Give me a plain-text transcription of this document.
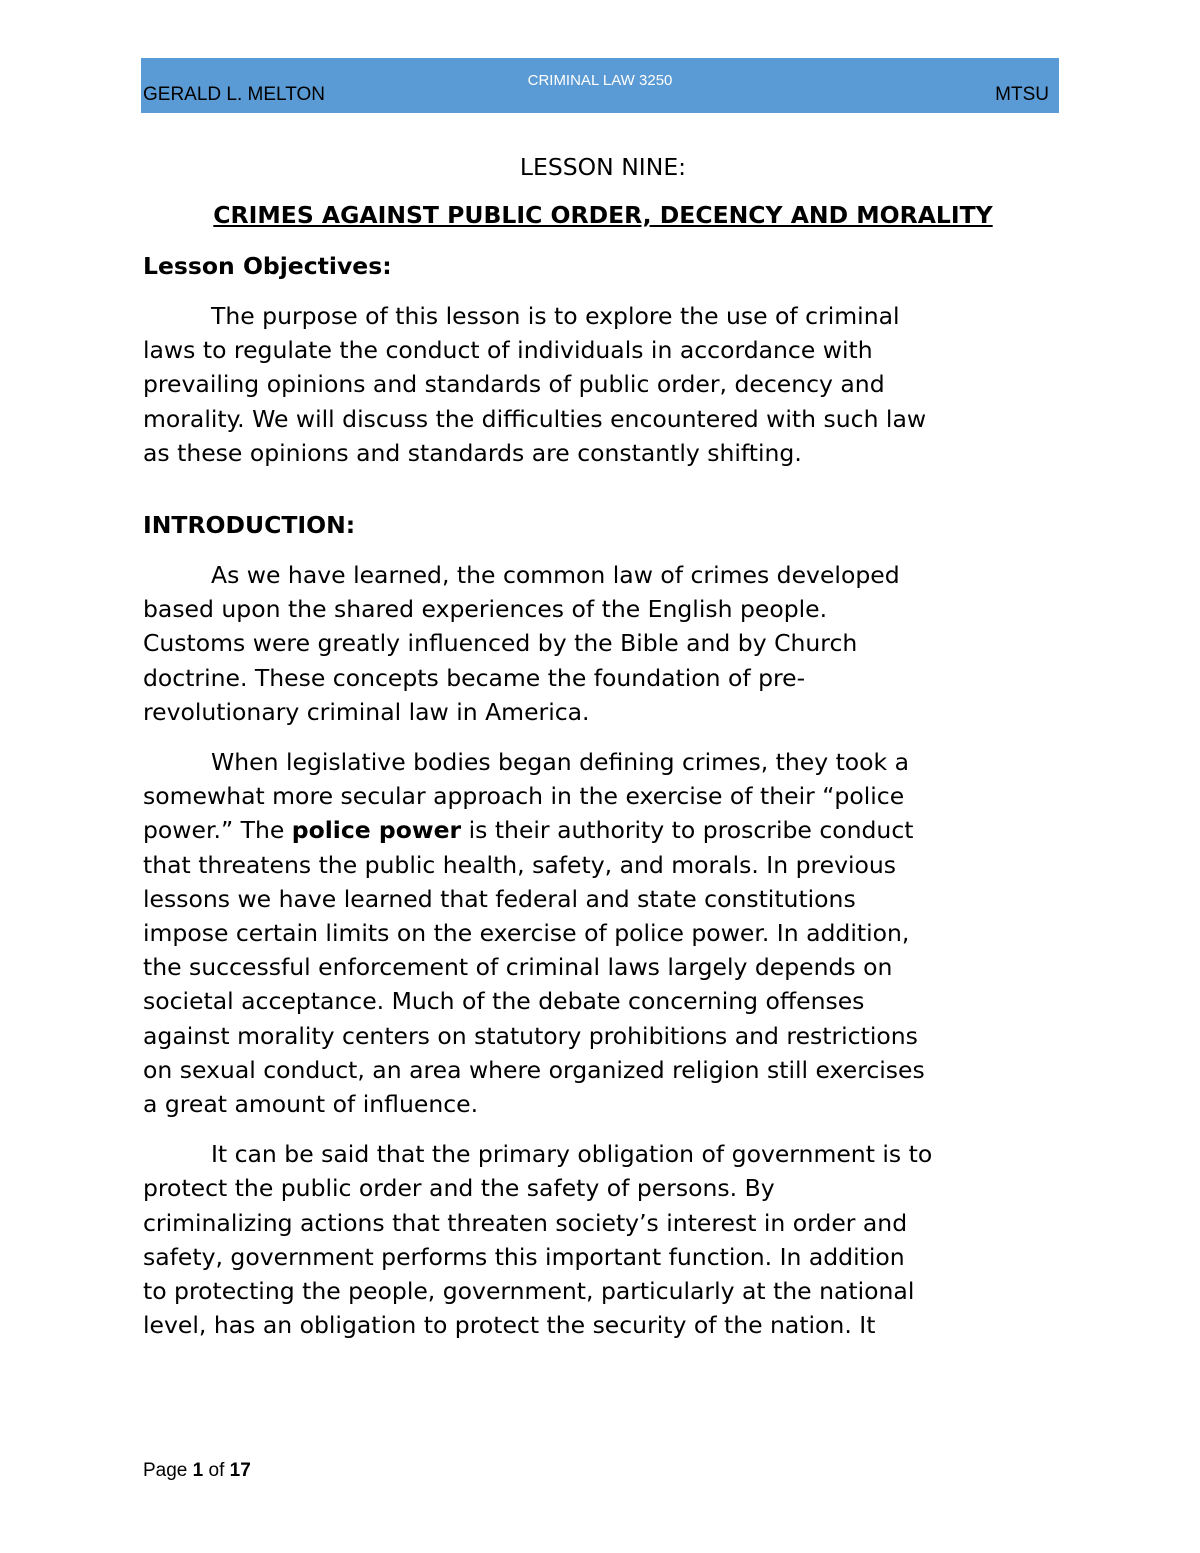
CRIMINAL LAW 3250
GERALD L. MELTON	MTSU

LESSON NINE:

CRIMES AGAINST PUBLIC ORDER, DECENCY AND MORALITY

Lesson Objectives:

The purpose of this lesson is to explore the use of criminal
laws to regulate the conduct of individuals in accordance with
prevailing opinions and standards of public order, decency and
morality. We will discuss the difficulties encountered with such law
as these opinions and standards are constantly shifting.

INTRODUCTION:

As we have learned, the common law of crimes developed
based upon the shared experiences of the English people.
Customs were greatly influenced by the Bible and by Church
doctrine. These concepts became the foundation of pre-
revolutionary criminal law in America.

When legislative bodies began defining crimes, they took a
somewhat more secular approach in the exercise of their “police
power.” The police power is their authority to proscribe conduct
that threatens the public health, safety, and morals. In previous
lessons we have learned that federal and state constitutions
impose certain limits on the exercise of police power. In addition,
the successful enforcement of criminal laws largely depends on
societal acceptance. Much of the debate concerning offenses
against morality centers on statutory prohibitions and restrictions
on sexual conduct, an area where organized religion still exercises
a great amount of influence.

It can be said that the primary obligation of government is to
protect the public order and the safety of persons. By
criminalizing actions that threaten society’s interest in order and
safety, government performs this important function. In addition
to protecting the people, government, particularly at the national
level, has an obligation to protect the security of the nation. It

Page 1 of 17
